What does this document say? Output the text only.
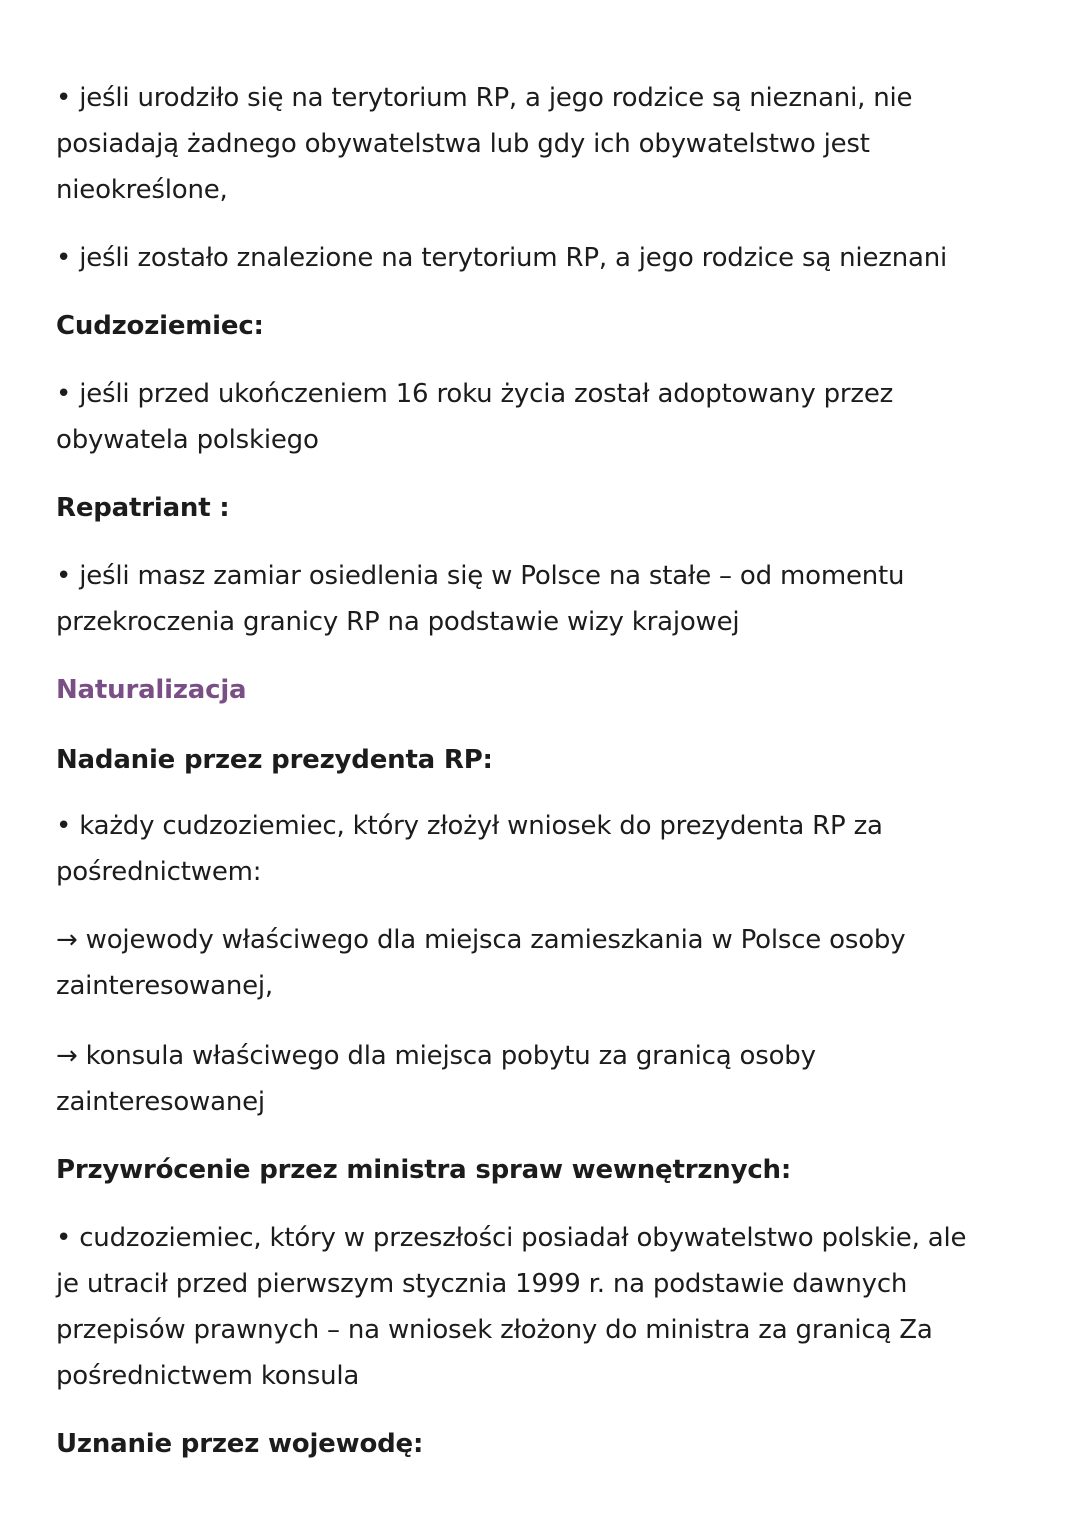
• jeśli urodziło się na terytorium RP, a jego rodzice są nieznani, nie
posiadają żadnego obywatelstwa lub gdy ich obywatelstwo jest
nieokreślone,
• jeśli zostało znalezione na terytorium RP, a jego rodzice są nieznani
Cudzoziemiec:
• jeśli przed ukończeniem 16 roku życia został adoptowany przez
obywatela polskiego
Repatriant :
• jeśli masz zamiar osiedlenia się w Polsce na stałe – od momentu
przekroczenia granicy RP na podstawie wizy krajowej
Naturalizacja
Nadanie przez prezydenta RP:
• każdy cudzoziemiec, który złożył wniosek do prezydenta RP za
pośrednictwem:
→ wojewody właściwego dla miejsca zamieszkania w Polsce osoby
zainteresowanej,
→ konsula właściwego dla miejsca pobytu za granicą osoby
zainteresowanej
Przywrócenie przez ministra spraw wewnętrznych:
• cudzoziemiec, który w przeszłości posiadał obywatelstwo polskie, ale
je utracił przed pierwszym stycznia 1999 r. na podstawie dawnych
przepisów prawnych – na wniosek złożony do ministra za granicą Za
pośrednictwem konsula
Uznanie przez wojewodę:
